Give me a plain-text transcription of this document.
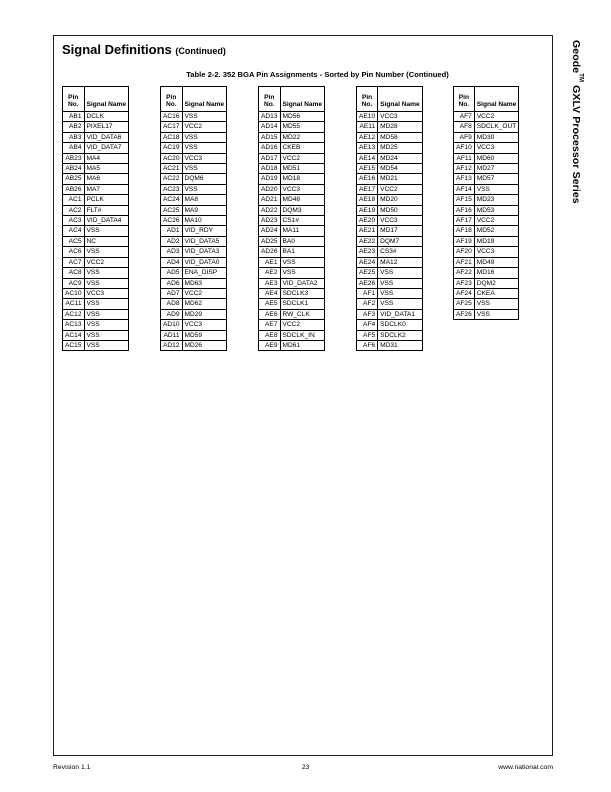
Signal Definitions (Continued)
Table 2-2. 352 BGA Pin Assignments - Sorted by Pin Number (Continued)
Pin
No.	Signal Name
AB1	DCLK
AB2	PIXEL17
AB3	VID_DATA6
AB4	VID_DATA7
AB23	MA4
AB24	MA5
AB25	MA6
AB26	MA7
AC1	PCLK
AC2	FLT#
AC3	VID_DATA4
AC4	VSS
AC5	NC
AC6	VSS
AC7	VCC2
AC8	VSS
AC9	VSS
AC10	VCC3
AC11	VSS
AC12	VSS
AC13	VSS
AC14	VSS
AC15	VSS
Pin
No.	Signal Name
AC16	VSS
AC17	VCC2
AC18	VSS
AC19	VSS
AC20	VCC3
AC21	VSS
AC22	DQM6
AC23	VSS
AC24	MA8
AC25	MA9
AC26	MA10
AD1	VID_RDY
AD2	VID_DATA5
AD3	VID_DATA3
AD4	VID_DATA0
AD5	ENA_DISP
AD6	MD63
AD7	VCC2
AD8	MD62
AD9	MD29
AD10	VCC3
AD11	MD59
AD12	MD26
Pin
No.	Signal Name
AD13	MD56
AD14	MD55
AD15	MD22
AD16	CKEB
AD17	VCC2
AD18	MD51
AD19	MD18
AD20	VCC3
AD21	MD48
AD22	DQM3
AD23	CS1#
AD24	MA11
AD25	BA0
AD26	BA1
AE1	VSS
AE2	VSS
AE3	VID_DATA2
AE4	SDCLK3
AE5	SDCLK1
AE6	RW_CLK
AE7	VCC2
AE8	SDCLK_IN
AE9	MD61
Pin
No.	Signal Name
AE10	VCC3
AE11	MD28
AE12	MD58
AE13	MD25
AE14	MD24
AE15	MD54
AE16	MD21
AE17	VCC2
AE18	MD20
AE19	MD50
AE20	VCC3
AE21	MD17
AE22	DQM7
AE23	CS3#
AE24	MA12
AE25	VSS
AE26	VSS
AF1	VSS
AF2	VSS
AF3	VID_DATA1
AF4	SDCLK0
AF5	SDCLK2
AF6	MD31
Pin
No.	Signal Name
AF7	VCC2
AF8	SDCLK_OUT
AF9	MD30
AF10	VCC3
AF11	MD60
AF12	MD27
AF13	MD57
AF14	VSS
AF15	MD23
AF16	MD53
AF17	VCC2
AF18	MD52
AF19	MD19
AF20	VCC3
AF21	MD49
AF22	MD16
AF23	DQM2
AF24	CKEA
AF25	VSS
AF26	VSS
Geode™ GXLV Processor Series
Revision 1.1	23	www.national.com
